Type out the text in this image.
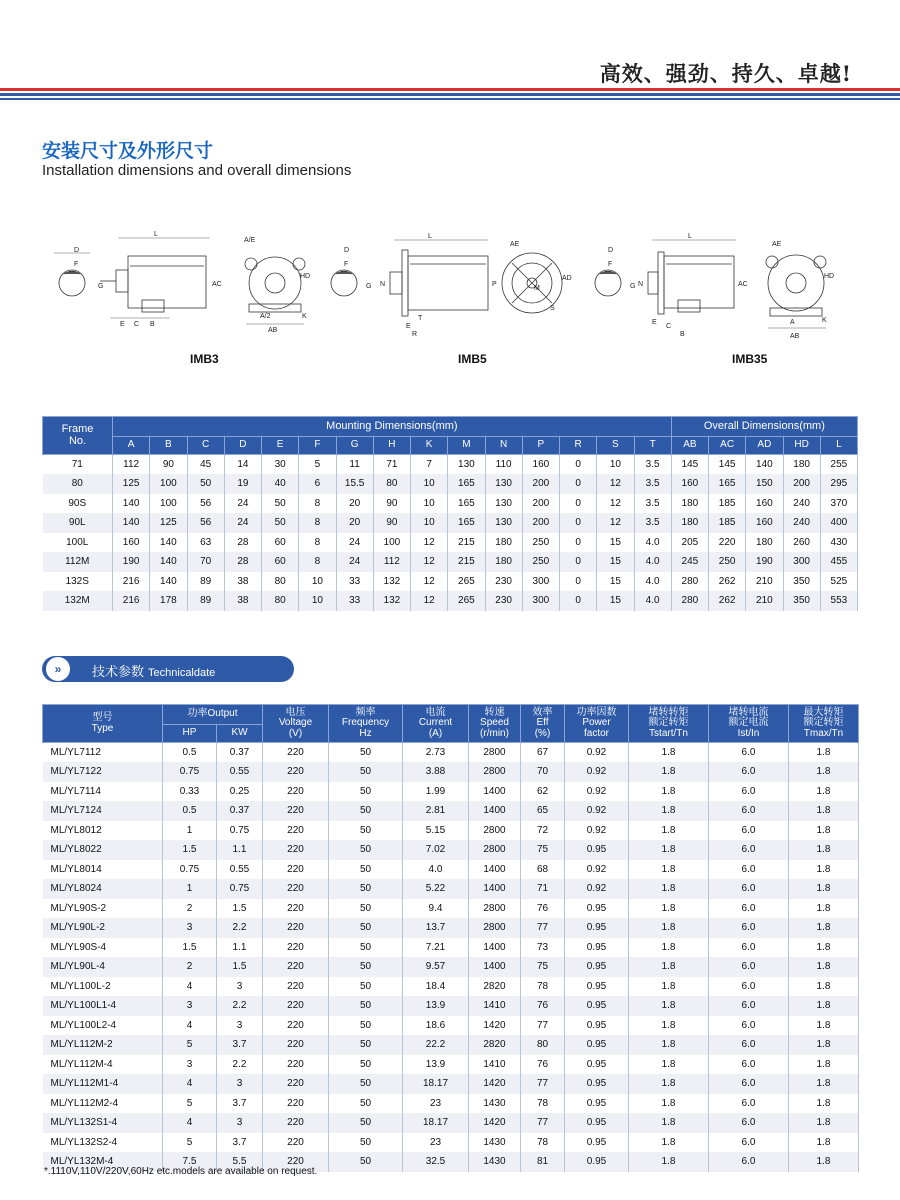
高效、强劲、持久、卓越!
安装尺寸及外形尺寸
Installation dimensions and overall dimensions
D
F
G
L
AC
E C B
A/E
HD
A/2
AB
K
IMB3
D
F
G
L
N	P
E
T
R
AE
AD
S
M
IMB5
D
F
G
L
AC
N
E
C
B
AE
HD
A
AB
K
IMB35
Frame
No.	Mounting Dimensions(mm)															Overall Dimensions(mm)				
	A	B	C	D	E	F	G	H	K	M	N	P	R	S	T	AB	AC	AD	HD	L
71	112	90	45	14	30	5	11	71	7	130	110	160	0	10	3.5	145	145	140	180	255
80	125	100	50	19	40	6	15.5	80	10	165	130	200	0	12	3.5	160	165	150	200	295
90S	140	100	56	24	50	8	20	90	10	165	130	200	0	12	3.5	180	185	160	240	370
90L	140	125	56	24	50	8	20	90	10	165	130	200	0	12	3.5	180	185	160	240	400
100L	160	140	63	28	60	8	24	100	12	215	180	250	0	15	4.0	205	220	180	260	430
112M	190	140	70	28	60	8	24	112	12	215	180	250	0	15	4.0	245	250	190	300	455
132S	216	140	89	38	80	10	33	132	12	265	230	300	0	15	4.0	280	262	210	350	525
132M	216	178	89	38	80	10	33	132	12	265	230	300	0	15	4.0	280	262	210	350	553
»	技术参数 Technicaldate
型号
Type	功率Output		电压
Voltage
(V)	频率
Frequency
Hz	电流
Current
(A)	转速
Speed
(r/min)	效率
Eff
(%)	功率因数
Power
factor	堵转转矩
额定转矩
Tstart/Tn	堵转电流
额定电流
Ist/In	最大转矩
额定转矩
Tmax/Tn
	HP	KW									
ML/YL7112	0.5	0.37	220	50	2.73	2800	67	0.92	1.8	6.0	1.8
ML/YL7122	0.75	0.55	220	50	3.88	2800	70	0.92	1.8	6.0	1.8
ML/YL7114	0.33	0.25	220	50	1.99	1400	62	0.92	1.8	6.0	1.8
ML/YL7124	0.5	0.37	220	50	2.81	1400	65	0.92	1.8	6.0	1.8
ML/YL8012	1	0.75	220	50	5.15	2800	72	0.92	1.8	6.0	1.8
ML/YL8022	1.5	1.1	220	50	7.02	2800	75	0.95	1.8	6.0	1.8
ML/YL8014	0.75	0.55	220	50	4.0	1400	68	0.92	1.8	6.0	1.8
ML/YL8024	1	0.75	220	50	5.22	1400	71	0.92	1.8	6.0	1.8
ML/YL90S-2	2	1.5	220	50	9.4	2800	76	0.95	1.8	6.0	1.8
ML/YL90L-2	3	2.2	220	50	13.7	2800	77	0.95	1.8	6.0	1.8
ML/YL90S-4	1.5	1.1	220	50	7.21	1400	73	0.95	1.8	6.0	1.8
ML/YL90L-4	2	1.5	220	50	9.57	1400	75	0.95	1.8	6.0	1.8
ML/YL100L-2	4	3	220	50	18.4	2820	78	0.95	1.8	6.0	1.8
ML/YL100L1-4	3	2.2	220	50	13.9	1410	76	0.95	1.8	6.0	1.8
ML/YL100L2-4	4	3	220	50	18.6	1420	77	0.95	1.8	6.0	1.8
ML/YL112M-2	5	3.7	220	50	22.2	2820	80	0.95	1.8	6.0	1.8
ML/YL112M-4	3	2.2	220	50	13.9	1410	76	0.95	1.8	6.0	1.8
ML/YL112M1-4	4	3	220	50	18.17	1420	77	0.95	1.8	6.0	1.8
ML/YL112M2-4	5	3.7	220	50	23	1430	78	0.95	1.8	6.0	1.8
ML/YL132S1-4	4	3	220	50	18.17	1420	77	0.95	1.8	6.0	1.8
ML/YL132S2-4	5	3.7	220	50	23	1430	78	0.95	1.8	6.0	1.8
ML/YL132M-4	7.5	5.5	220	50	32.5	1430	81	0.95	1.8	6.0	1.8
*.1110V,110V/220V,60Hz etc.models are available on request.
